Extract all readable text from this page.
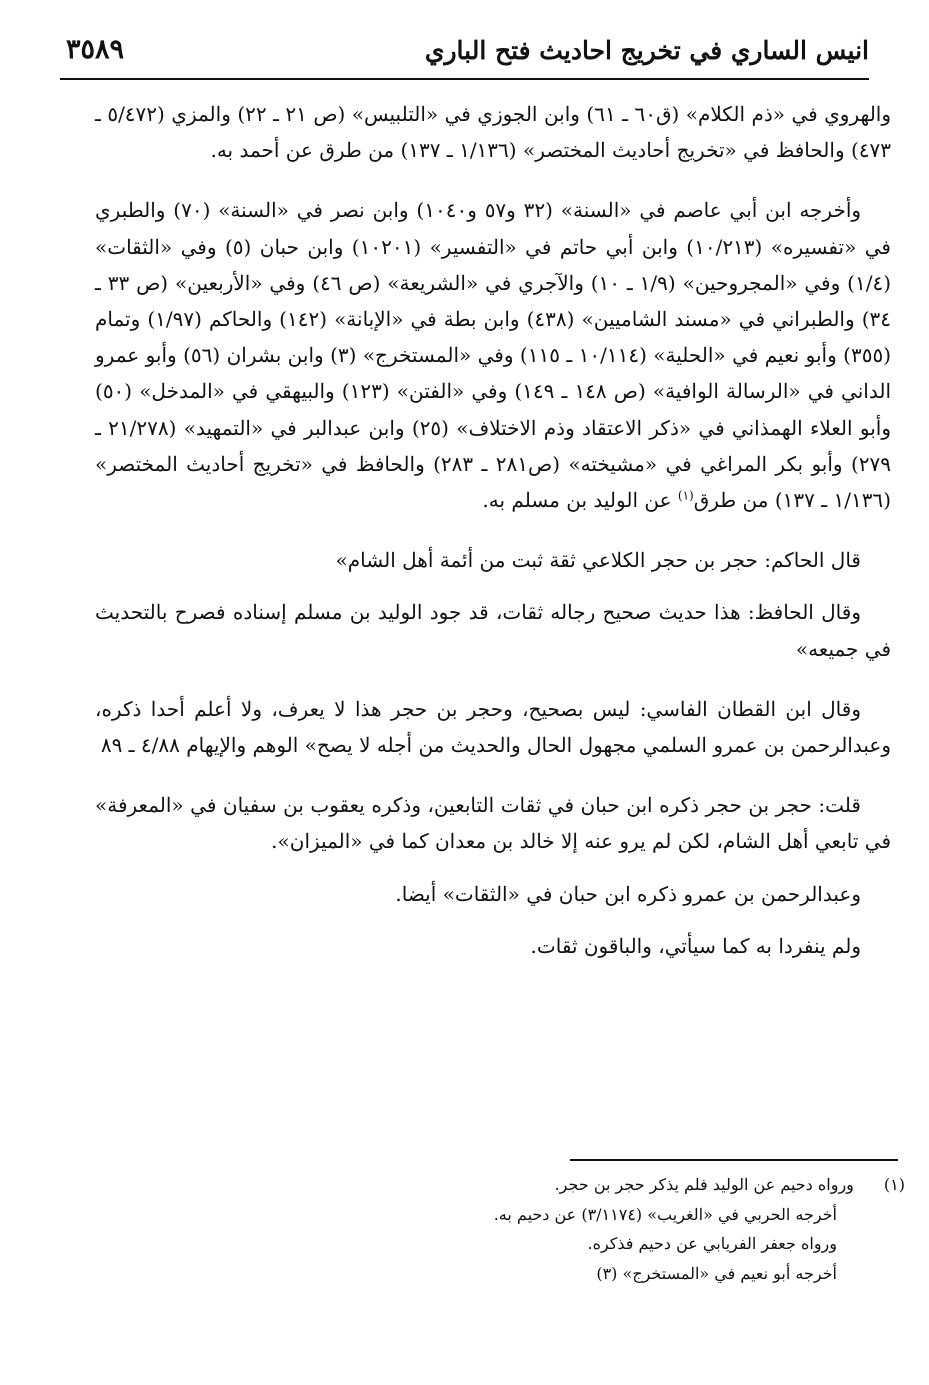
انيس الساري في تخريج احاديث فتح الباري
٣٥٨٩

والهروي في «ذم الكلام» (ق٦٠ ـ ٦١) وابن الجوزي في «التلبيس» (ص ٢١ ـ ٢٢) والمزي (٥/٤٧٢ ـ ٤٧٣) والحافظ في «تخريج أحاديث المختصر» (١/١٣٦ ـ ١٣٧) من طرق عن أحمد به.

وأخرجه ابن أبي عاصم في «السنة» (٣٢ و٥٧ و١٠٤٠) وابن نصر في «السنة» (٧٠) والطبري في «تفسيره» (١٠/٢١٣) وابن أبي حاتم في «التفسير» (١٠٢٠١) وابن حبان (٥) وفي «الثقات» (١/٤) وفي «المجروحين» (١/٩ ـ ١٠) والآجري في «الشريعة» (ص ٤٦) وفي «الأربعين» (ص ٣٣ ـ ٣٤) والطبراني في «مسند الشاميين» (٤٣٨) وابن بطة في «الإبانة» (١٤٢) والحاكم (١/٩٧) وتمام (٣٥٥) وأبو نعيم في «الحلية» (١٠/١١٤ ـ ١١٥) وفي «المستخرج» (٣) وابن بشران (٥٦) وأبو عمرو الداني في «الرسالة الوافية» (ص ١٤٨ ـ ١٤٩) وفي «الفتن» (١٢٣) والبيهقي في «المدخل» (٥٠) وأبو العلاء الهمذاني في «ذكر الاعتقاد وذم الاختلاف» (٢٥) وابن عبدالبر في «التمهيد» (٢١/٢٧٨ ـ ٢٧٩) وأبو بكر المراغي في «مشيخته» (ص٢٨١ ـ ٢٨٣) والحافظ في «تخريج أحاديث المختصر» (١/١٣٦ ـ ١٣٧) من طرق$^{(١)}$ عن الوليد بن مسلم به.

قال الحاكم: حجر بن حجر الكلاعي ثقة ثبت من أئمة أهل الشام»

وقال الحافظ: هذا حديث صحيح رجاله ثقات، قد جود الوليد بن مسلم إسناده فصرح بالتحديث في جميعه»

وقال ابن القطان الفاسي: ليس بصحيح، وحجر بن حجر هذا لا يعرف، ولا أعلم أحدا ذكره، وعبدالرحمن بن عمرو السلمي مجهول الحال والحديث من أجله لا يصح» الوهم والإيهام ٤/٨٨ ـ ٨٩

قلت: حجر بن حجر ذكره ابن حبان في ثقات التابعين، وذكره يعقوب بن سفيان في «المعرفة» في تابعي أهل الشام، لكن لم يرو عنه إلا خالد بن معدان كما في «الميزان».

وعبدالرحمن بن عمرو ذكره ابن حبان في «الثقات» أيضا.

ولم ينفردا به كما سيأتي، والباقون ثقات.

(١) ورواه دحيم عن الوليد فلم يذكر حجر بن حجر.
أخرجه الحربي في «الغريب» (٣/١١٧٤) عن دحيم به.
ورواه جعفر الفريابي عن دحيم فذكره.
أخرجه أبو نعيم في «المستخرج» (٣)
